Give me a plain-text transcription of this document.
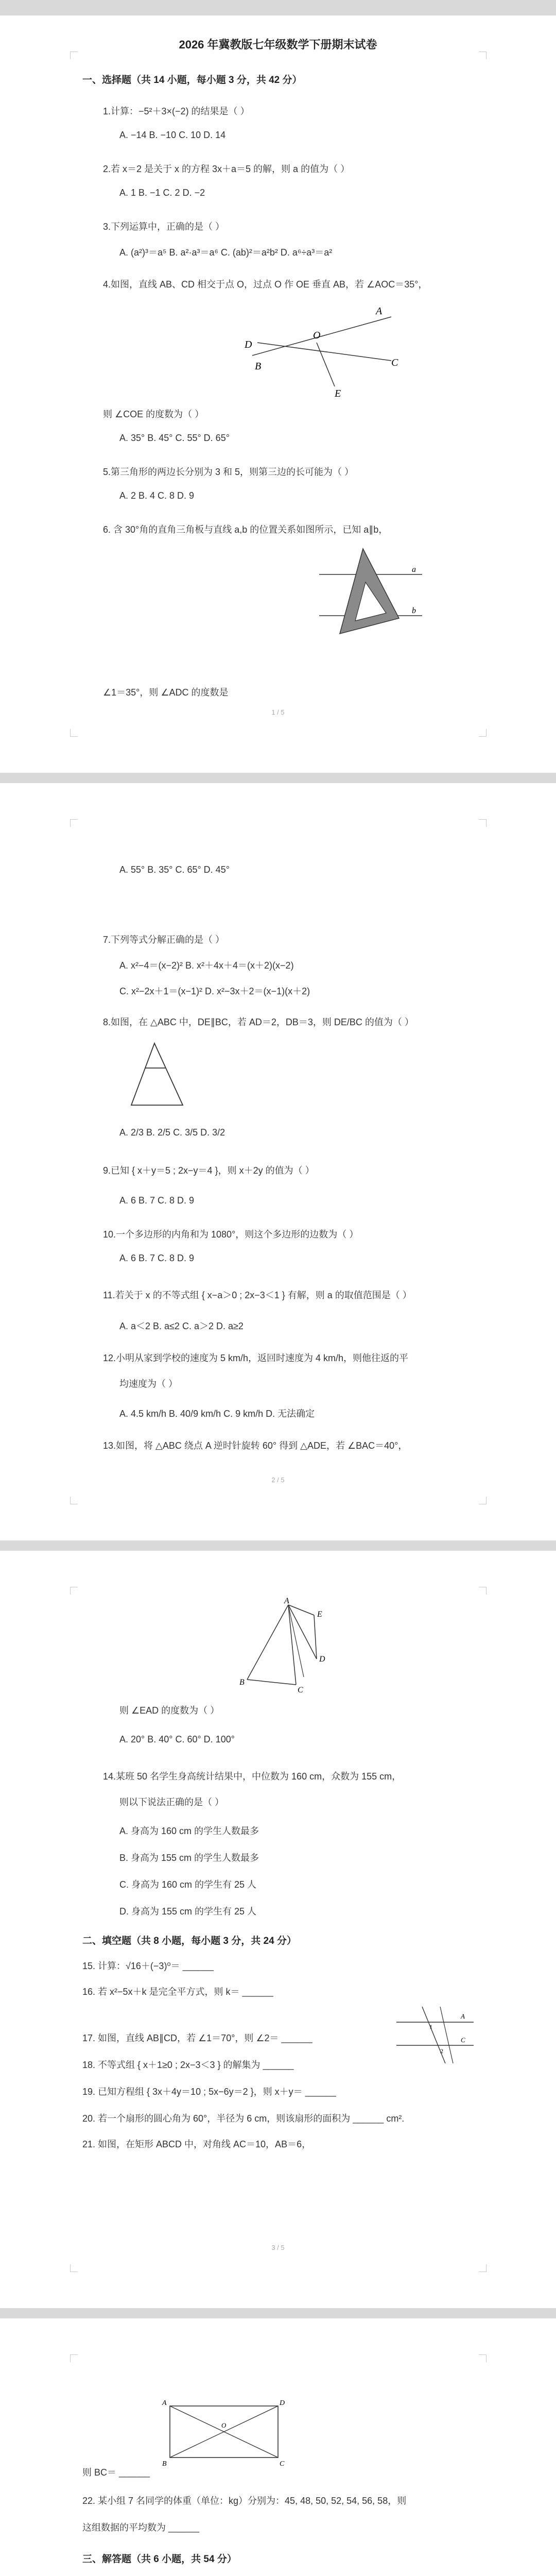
2026 年冀教版七年级数学下册期末试卷
一、选择题（共 14 小题，每小题 3 分，共 42 分）
1.计算：−5²＋3×(−2) 的结果是（ ）
A. −14 B. −10 C. 10 D. 14
2.若 x＝2 是关于 x 的方程 3x＋a＝5 的解，则 a 的值为（ ）
A. 1 B. −1 C. 2 D. −2
3.下列运算中，正确的是（ ）
A. (a²)³＝a⁵ B. a²·a³＝a⁶ C. (ab)²＝a²b² D. a⁶÷a³＝a²
4.如图，直线 AB、CD 相交于点 O，过点 O 作 OE 垂直 AB，若 ∠AOC＝35°，
A
D
O
C
B
E
则 ∠COE 的度数为（ ）
A. 35° B. 45° C. 55° D. 65°
5.第三角形的两边长分别为 3 和 5，则第三边的长可能为（ ）
A. 2 B. 4 C. 8 D. 9
6. 含 30°角的直角三角板与直线 a,b 的位置关系如图所示，已知 a∥b，
a
b
∠1＝35°，则 ∠ADC 的度数是
1 / 5
A. 55° B. 35° C. 65° D. 45°
7.下列等式分解正确的是（ ）
A. x²−4＝(x−2)² B. x²＋4x＋4＝(x＋2)(x−2)
C. x²−2x＋1＝(x−1)² D. x²−3x＋2＝(x−1)(x＋2)
8.如图，在 △ABC 中，DE∥BC，若 AD＝2，DB＝3，则 DE/BC 的值为（ ）
A. 2/3 B. 2/5 C. 3/5 D. 3/2
9.已知 { x＋y＝5 ; 2x−y＝4 }，则 x＋2y 的值为（ ）
A. 6 B. 7 C. 8 D. 9
10.一个多边形的内角和为 1080°，则这个多边形的边数为（ ）
A. 6 B. 7 C. 8 D. 9
11.若关于 x 的不等式组 { x−a＞0 ; 2x−3＜1 } 有解，则 a 的取值范围是（ ）
A. a＜2 B. a≤2 C. a＞2 D. a≥2
12.小明从家到学校的速度为 5 km/h，返回时速度为 4 km/h，则他往返的平
均速度为（ ）
A. 4.5 km/h B. 40/9 km/h C. 9 km/h D. 无法确定
13.如图，将 △ABC 绕点 A 逆时针旋转 60° 得到 △ADE，若 ∠BAC＝40°，
2 / 5
A
E
D
B
C
则 ∠EAD 的度数为（ ）
A. 20° B. 40° C. 60° D. 100°
14.某班 50 名学生身高统计结果中，中位数为 160 cm，众数为 155 cm，
则以下说法正确的是（ ）
A. 身高为 160 cm 的学生人数最多
B. 身高为 155 cm 的学生人数最多
C. 身高为 160 cm 的学生有 25 人
D. 身高为 155 cm 的学生有 25 人
二、填空题（共 8 小题，每小题 3 分，共 24 分）
15. 计算：√16＋(−3)⁰＝ ______
16. 若 x²−5x＋k 是完全平方式，则 k＝ ______
A
C
1
2
17. 如图，直线 AB∥CD，若 ∠1＝70°，则 ∠2＝ ______
18. 不等式组 { x＋1≥0 ; 2x−3＜3 } 的解集为 ______
19. 已知方程组 { 3x＋4y＝10 ; 5x−6y＝2 }，则 x＋y＝ ______
20. 若一个扇形的圆心角为 60°，半径为 6 cm，则该扇形的面积为 ______ cm².
21. 如图，在矩形 ABCD 中，对角线 AC＝10，AB＝6，
3 / 5
A	D
B	C
O
则 BC＝ ______
22. 某小组 7 名同学的体重（单位：kg）分别为：45, 48, 50, 52, 54, 56, 58，则
这组数据的平均数为 ______
三、解答题（共 6 小题，共 54 分）
